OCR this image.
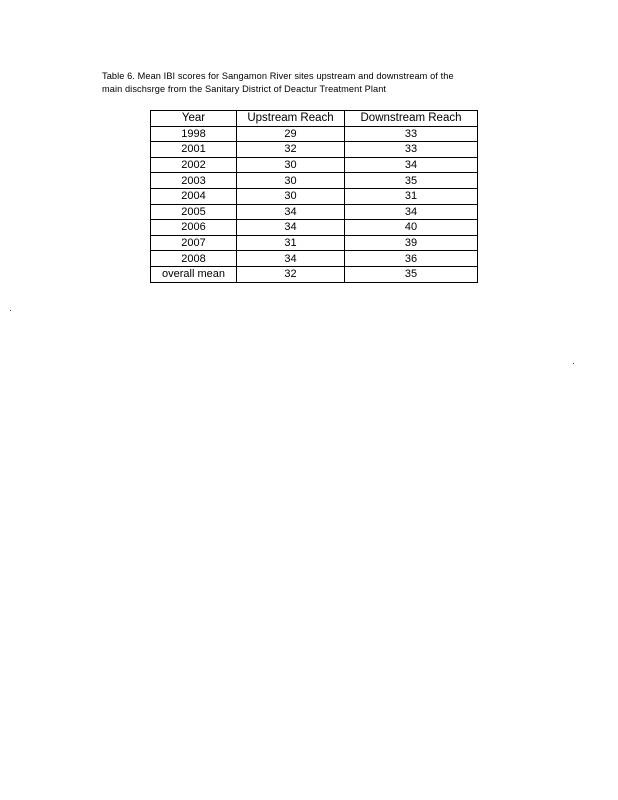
Table 6. Mean IBI scores for Sangamon River sites upstream and downstream of the
main dischsrge from the Sanitary District of Deactur Treatment Plant
Year	Upstream Reach	Downstream Reach
1998	29	33
2001	32	33
2002	30	34
2003	30	35
2004	30	31
2005	34	34
2006	34	40
2007	31	39
2008	34	36
overall mean	32	35
